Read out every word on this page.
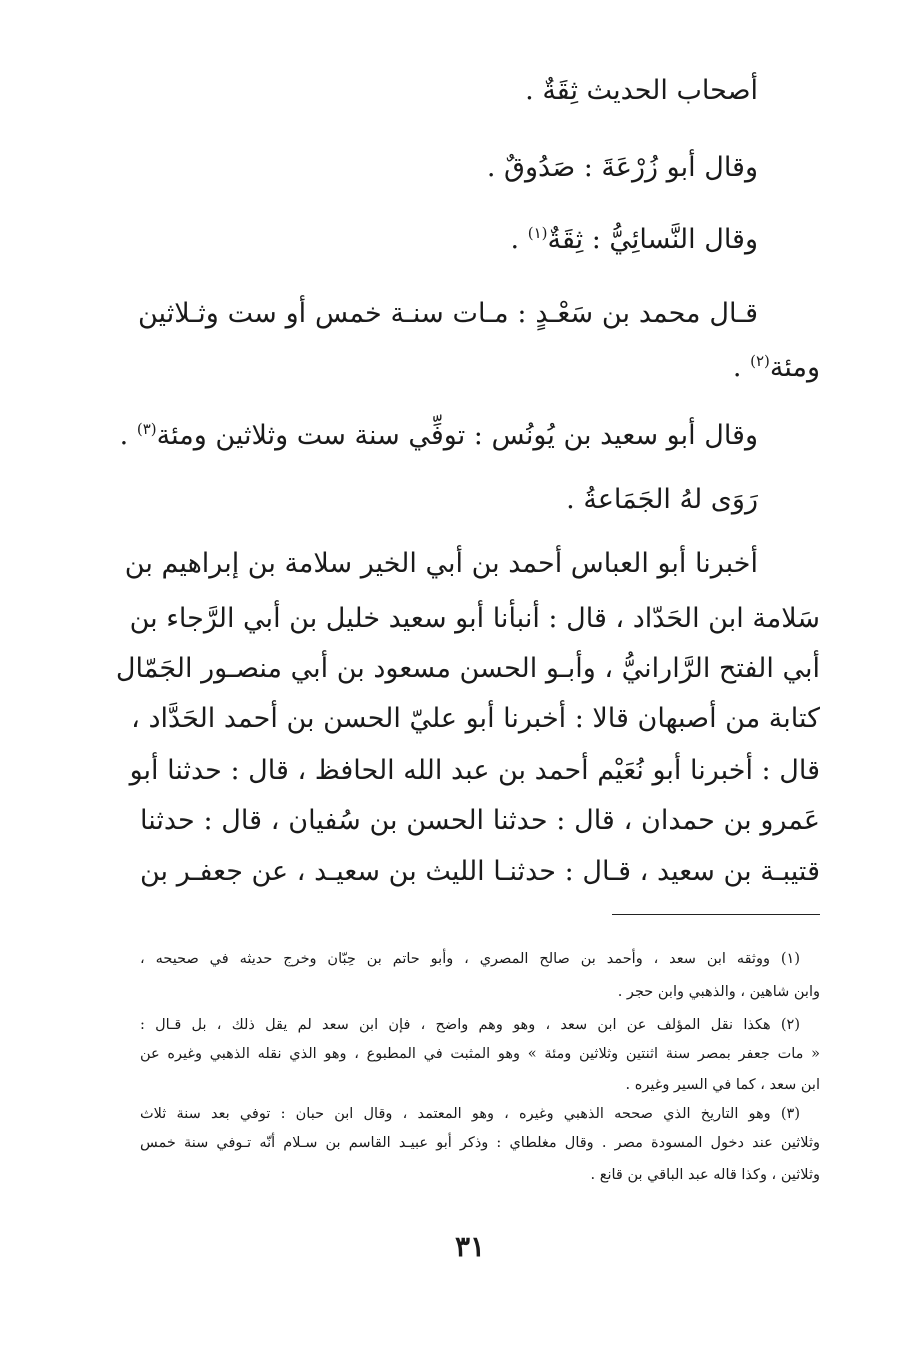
أصحاب الحديث ثِقَةٌ .
وقال أبو زُرْعَةَ : صَدُوقٌ .
وقال النَّسائِيُّ : ثِقَةٌ$^{(١)}$ .
قـال محمد بن سَعْـدٍ : مـات سنـة خمس أو ست وثـلاثين
ومئة$^{(٢)}$ .
وقال أبو سعيد بن يُونُس : توفِّي سنة ست وثلاثين ومئة$^{(٣)}$ .
رَوَى لهُ الجَمَاعةُ .
أخبرنا أبو العباس أحمد بن أبي الخير سلامة بن إبراهيم بن
سَلامة ابن الحَدّاد ، قال : أنبأنا أبو سعيد خليل بن أبي الرَّجاء بن
أبي الفتح الرَّارانيُّ ، وأبـو الحسن مسعود بن أبي منصـور الجَمّال
كتابة من أصبهان قالا : أخبرنا أبو عليّ الحسن بن أحمد الحَدَّاد ،
قال : أخبرنا أبو نُعَيْم أحمد بن عبد الله الحافظ ، قال : حدثنا أبو
عَمرو بن حمدان ، قال : حدثنا الحسن بن سُفيان ، قال : حدثنا
قتيبـة بن سعيد ، قـال : حدثنـا الليث بن سعيـد ، عن جعفـر بن
(١) ووثقه ابن سعد ، وأحمد بن صالح المصري ، وأبو حاتم بن حِبّان وخرج حديثه في صحيحه ،
وابن شاهين ، والذهبي وابن حجر .
(٢) هكذا نقل المؤلف عن ابن سعد ، وهو وهم واضح ، فإن ابن سعد لم يقل ذلك ، بل قـال :
« مات جعفر بمصر سنة اثنتين وثلاثين ومئة » وهو المثبت في المطبوع ، وهو الذي نقله الذهبي وغيره عن
ابن سعد ، كما في السير وغيره .
(٣) وهو التاريخ الذي صححه الذهبي وغيره ، وهو المعتمد ، وقال ابن حبان : توفي بعد سنة ثلاث
وثلاثين عند دخول المسودة مصر . وقال مغلطاي : وذكر أبو عبيـد القاسم بن سـلام أنّه تـوفي سنة خمس
وثلاثين ، وكذا قاله عبد الباقي بن قانع .
٣١
